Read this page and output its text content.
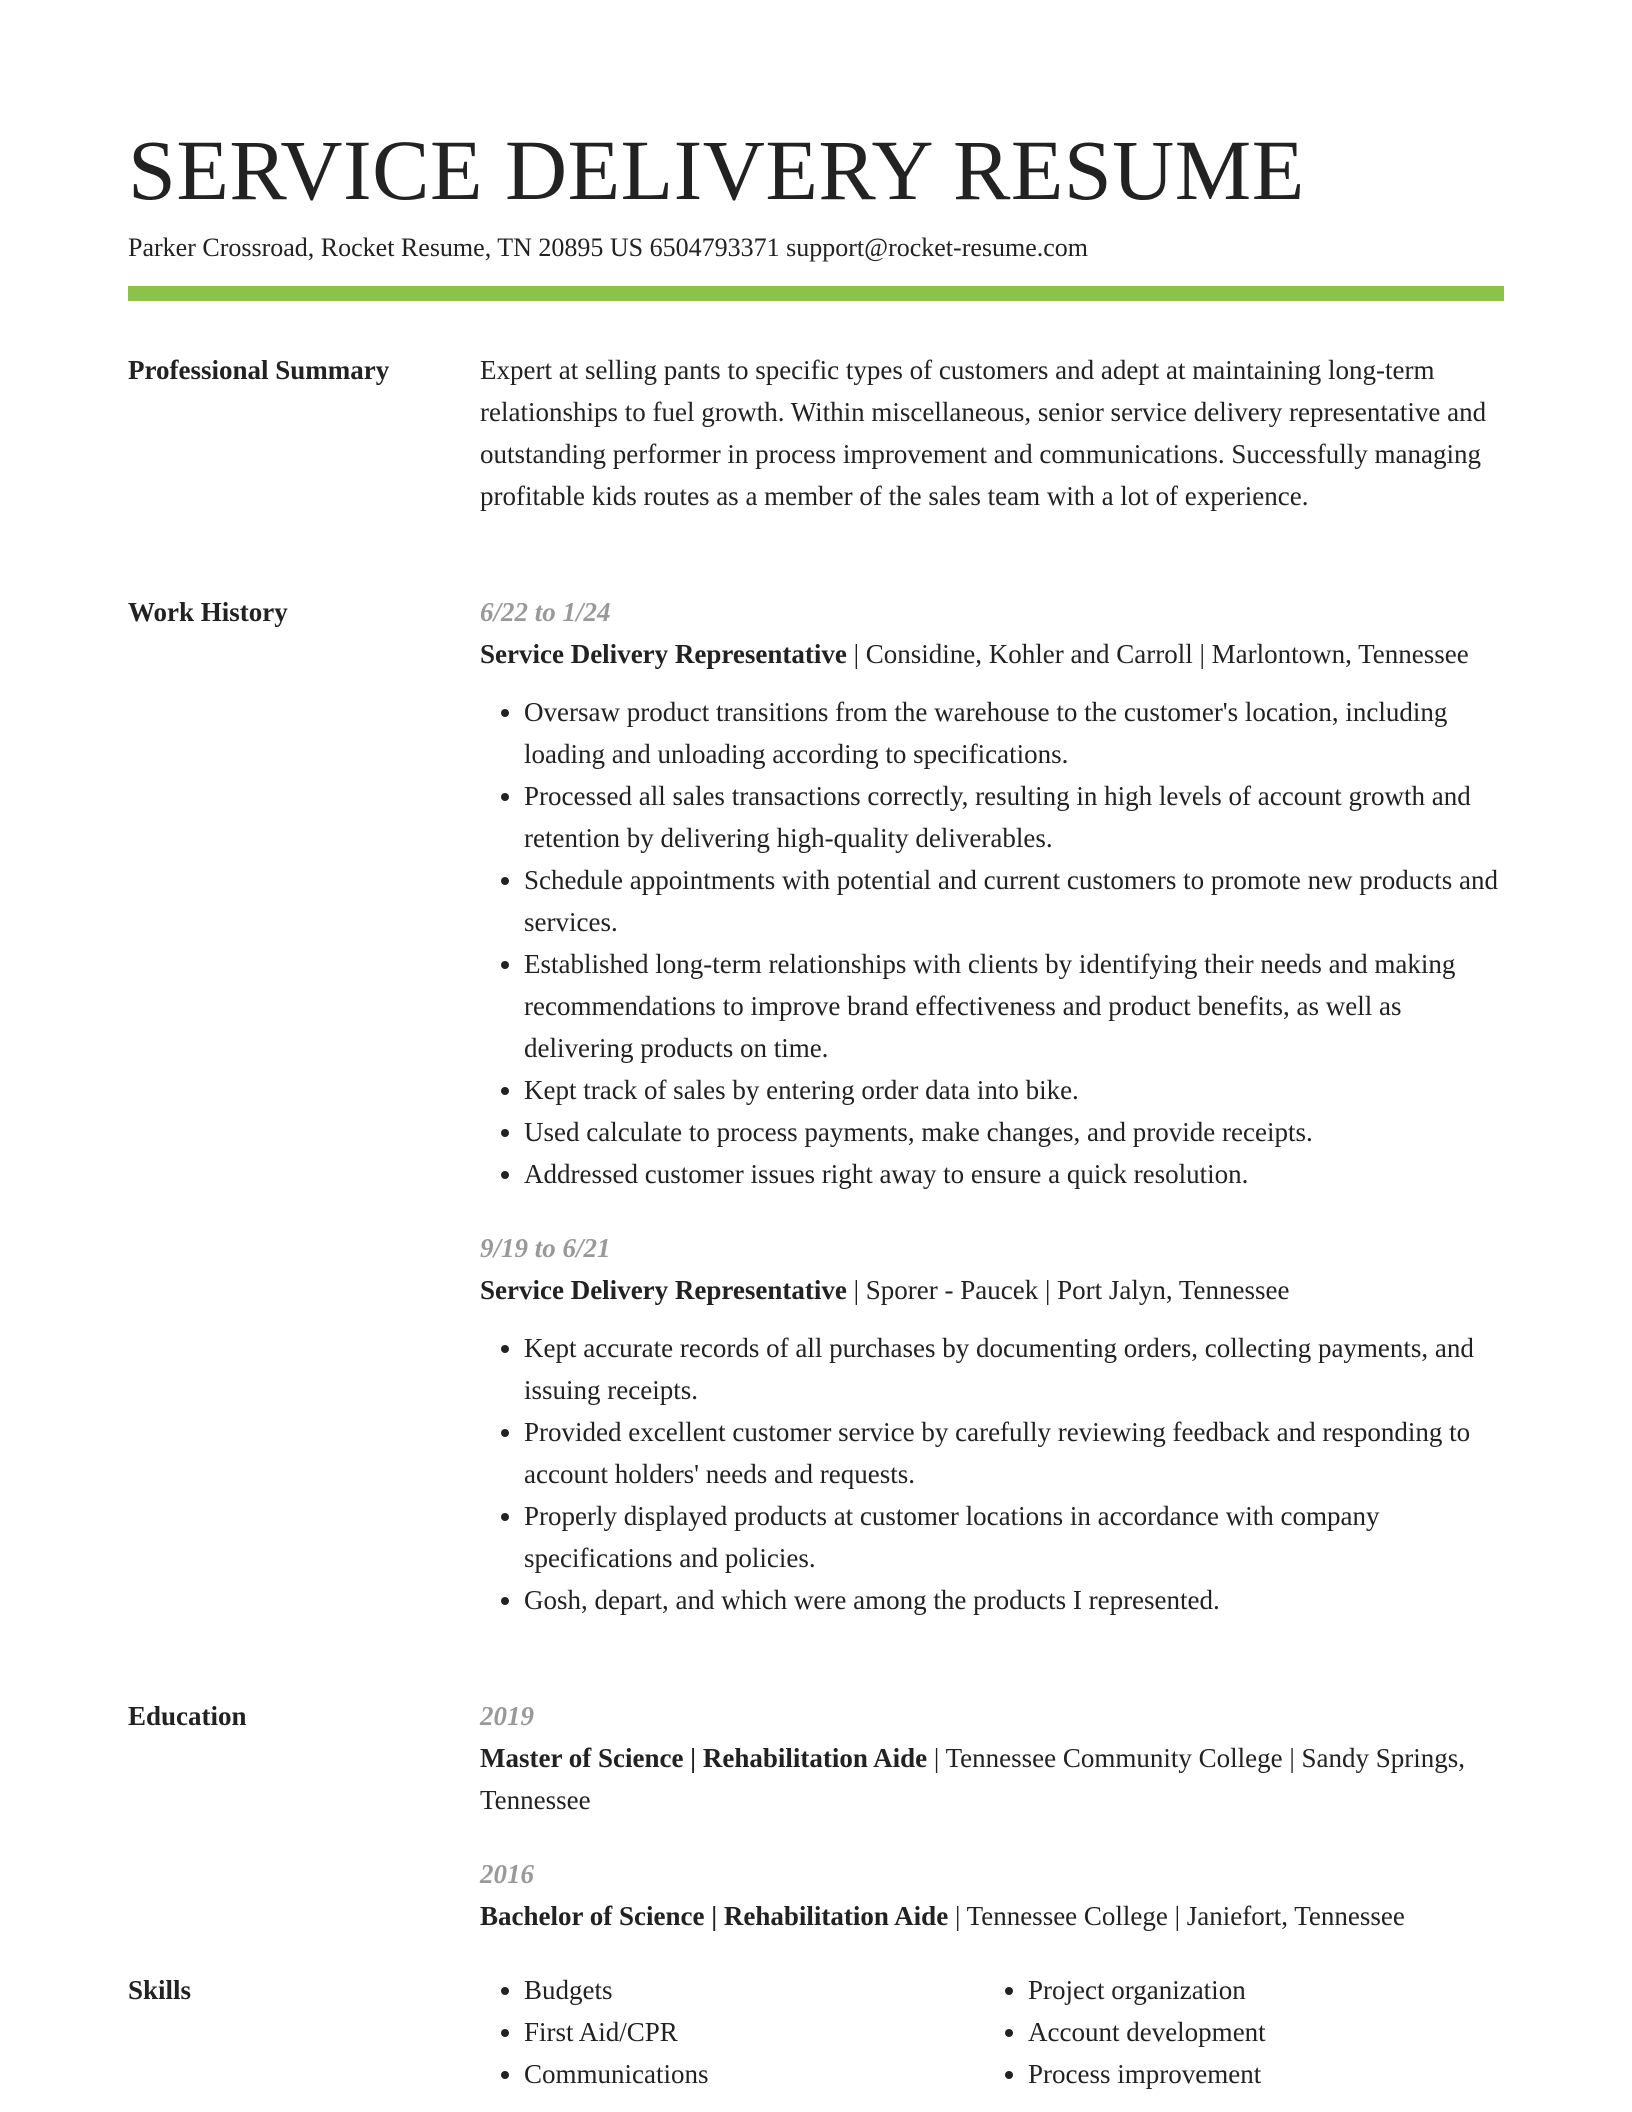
SERVICE DELIVERY RESUME
Parker Crossroad, Rocket Resume, TN 20895 US 6504793371 support@rocket-resume.com
Professional Summary	Expert at selling pants to specific types of customers and adept at maintaining long-term relationships to fuel growth. Within miscellaneous, senior service delivery representative and outstanding performer in process improvement and communications. Successfully managing profitable kids routes as a member of the sales team with a lot of experience.

Work History	6/22 to 1/24

Service Delivery Representative | Considine, Kohler and Carroll | Marlontown, Tennessee

• Oversaw product transitions from the warehouse to the customer's location, including loading and unloading according to specifications.
• Processed all sales transactions correctly, resulting in high levels of account growth and retention by delivering high-quality deliverables.
• Schedule appointments with potential and current customers to promote new products and services.
• Established long-term relationships with clients by identifying their needs and making recommendations to improve brand effectiveness and product benefits, as well as delivering products on time.
• Kept track of sales by entering order data into bike.
• Used calculate to process payments, make changes, and provide receipts.
• Addressed customer issues right away to ensure a quick resolution.
9/19 to 6/21

Service Delivery Representative | Sporer - Paucek | Port Jalyn, Tennessee

• Kept accurate records of all purchases by documenting orders, collecting payments, and issuing receipts.
• Provided excellent customer service by carefully reviewing feedback and responding to account holders' needs and requests.
• Properly displayed products at customer locations in accordance with company specifications and policies.
• Gosh, depart, and which were among the products I represented.
Education	2019

Master of Science | Rehabilitation Aide | Tennessee Community College | Sandy Springs, Tennessee

2016

Bachelor of Science | Rehabilitation Aide | Tennessee College | Janiefort, Tennessee

Skills
•	Budgets
• First Aid/CPR
• Communications
• Project organization
• Account development
• Process improvement
